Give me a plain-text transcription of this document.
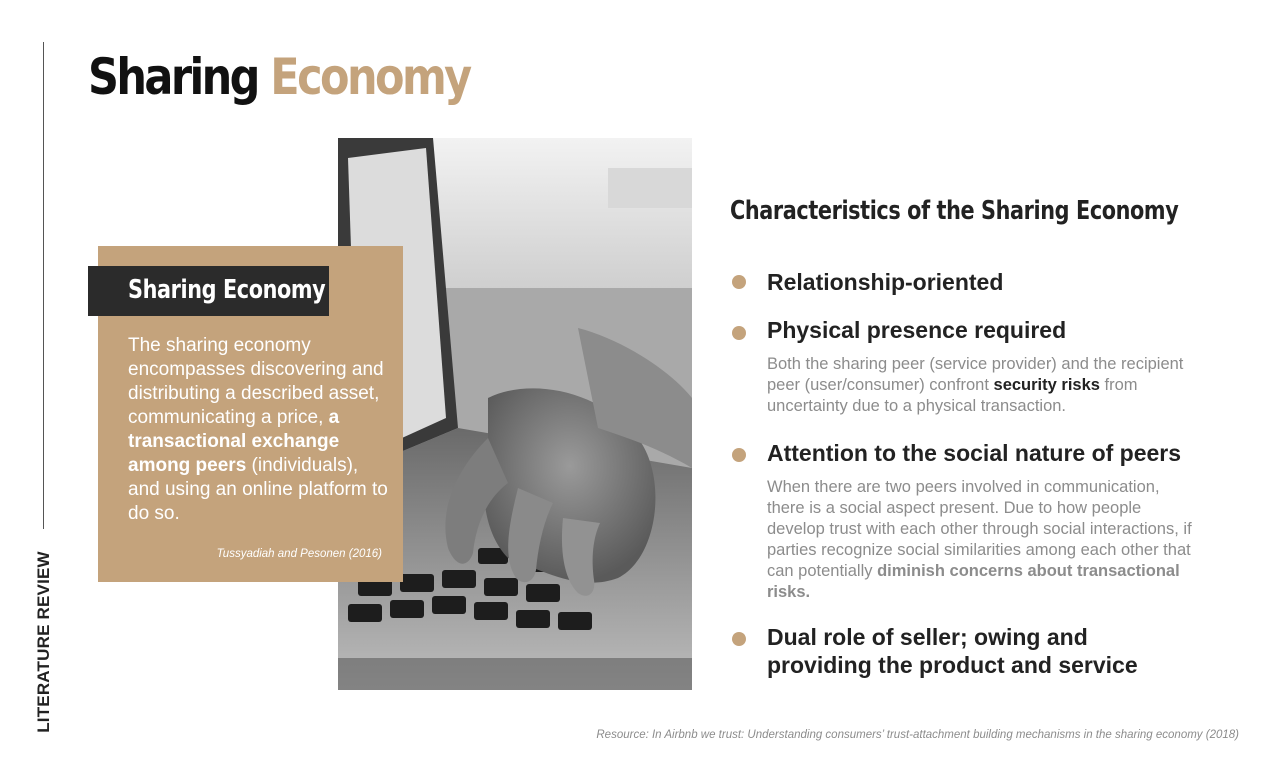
LITERATURE REVIEW
Sharing Economy
Sharing Economy

The sharing economy encompasses discovering and distributing a described asset, communicating a price, a transactional exchange among peers (individuals), and using an online platform to do so.

Tussyadiah and Pesonen (2016)

Characteristics of the Sharing Economy

Relationship-oriented

Physical presence required

Both the sharing peer (service provider) and the recipient peer (user/consumer) confront security risks from uncertainty due to a physical transaction.

Attention to the social nature of peers

When there are two peers involved in communication, there is a social aspect present. Due to how people develop trust with each other through social interactions, if parties recognize social similarities among each other that can potentially diminish concerns about transactional risks.

Dual role of seller; owing and providing the product and service

Resource: In Airbnb we trust: Understanding consumers’ trust-attachment building mechanisms in the sharing economy (2018)
